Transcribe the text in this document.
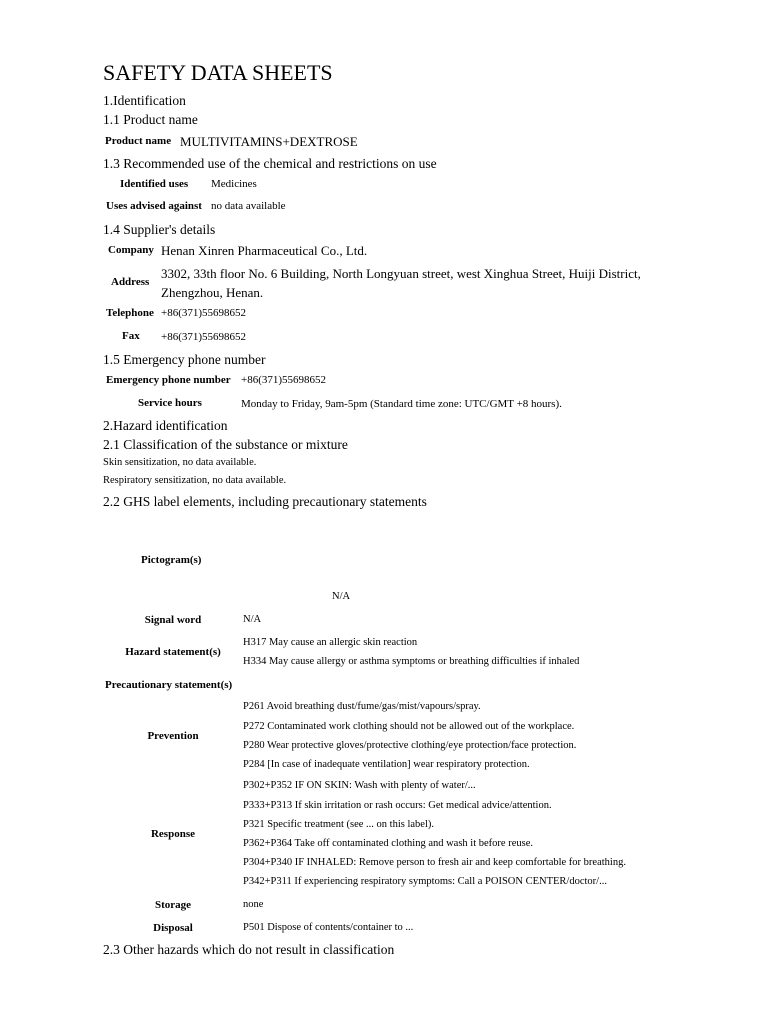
SAFETY DATA SHEETS
1.Identification
1.1 Product name
Product name MULTIVITAMINS+DEXTROSE
1.3 Recommended use of the chemical and restrictions on use
Identified uses Medicines
Uses advised against no data available
1.4 Supplier's details
Company Henan Xinren Pharmaceutical Co., Ltd.
Address
3302, 33th floor No. 6 Building, North Longyuan street, west Xinghua Street, Huiji District,
Zhengzhou, Henan.
Telephone +86(371)55698652
Fax +86(371)55698652
1.5 Emergency phone number
Emergency phone number +86(371)55698652
Service hours	Monday to Friday, 9am-5pm (Standard time zone: UTC/GMT +8 hours).
2.Hazard identification
2.1 Classification of the substance or mixture
Skin sensitization, no data available.
Respiratory sensitization, no data available.
2.2 GHS label elements, including precautionary statements
Pictogram(s)
N/A
Signal word	N/A
Hazard statement(s)
H317 May cause an allergic skin reaction
H334 May cause allergy or asthma symptoms or breathing difficulties if inhaled
Precautionary statement(s)
Prevention
P261 Avoid breathing dust/fume/gas/mist/vapours/spray.
P272 Contaminated work clothing should not be allowed out of the workplace.
P280 Wear protective gloves/protective clothing/eye protection/face protection.
P284 [In case of inadequate ventilation] wear respiratory protection.
Response
P302+P352 IF ON SKIN: Wash with plenty of water/...
P333+P313 If skin irritation or rash occurs: Get medical advice/attention.
P321 Specific treatment (see ... on this label).
P362+P364 Take off contaminated clothing and wash it before reuse.
P304+P340 IF INHALED: Remove person to fresh air and keep comfortable for breathing.
P342+P311 If experiencing respiratory symptoms: Call a POISON CENTER/doctor/...
Storage	none
Disposal	P501 Dispose of contents/container to ...
2.3 Other hazards which do not result in classification
